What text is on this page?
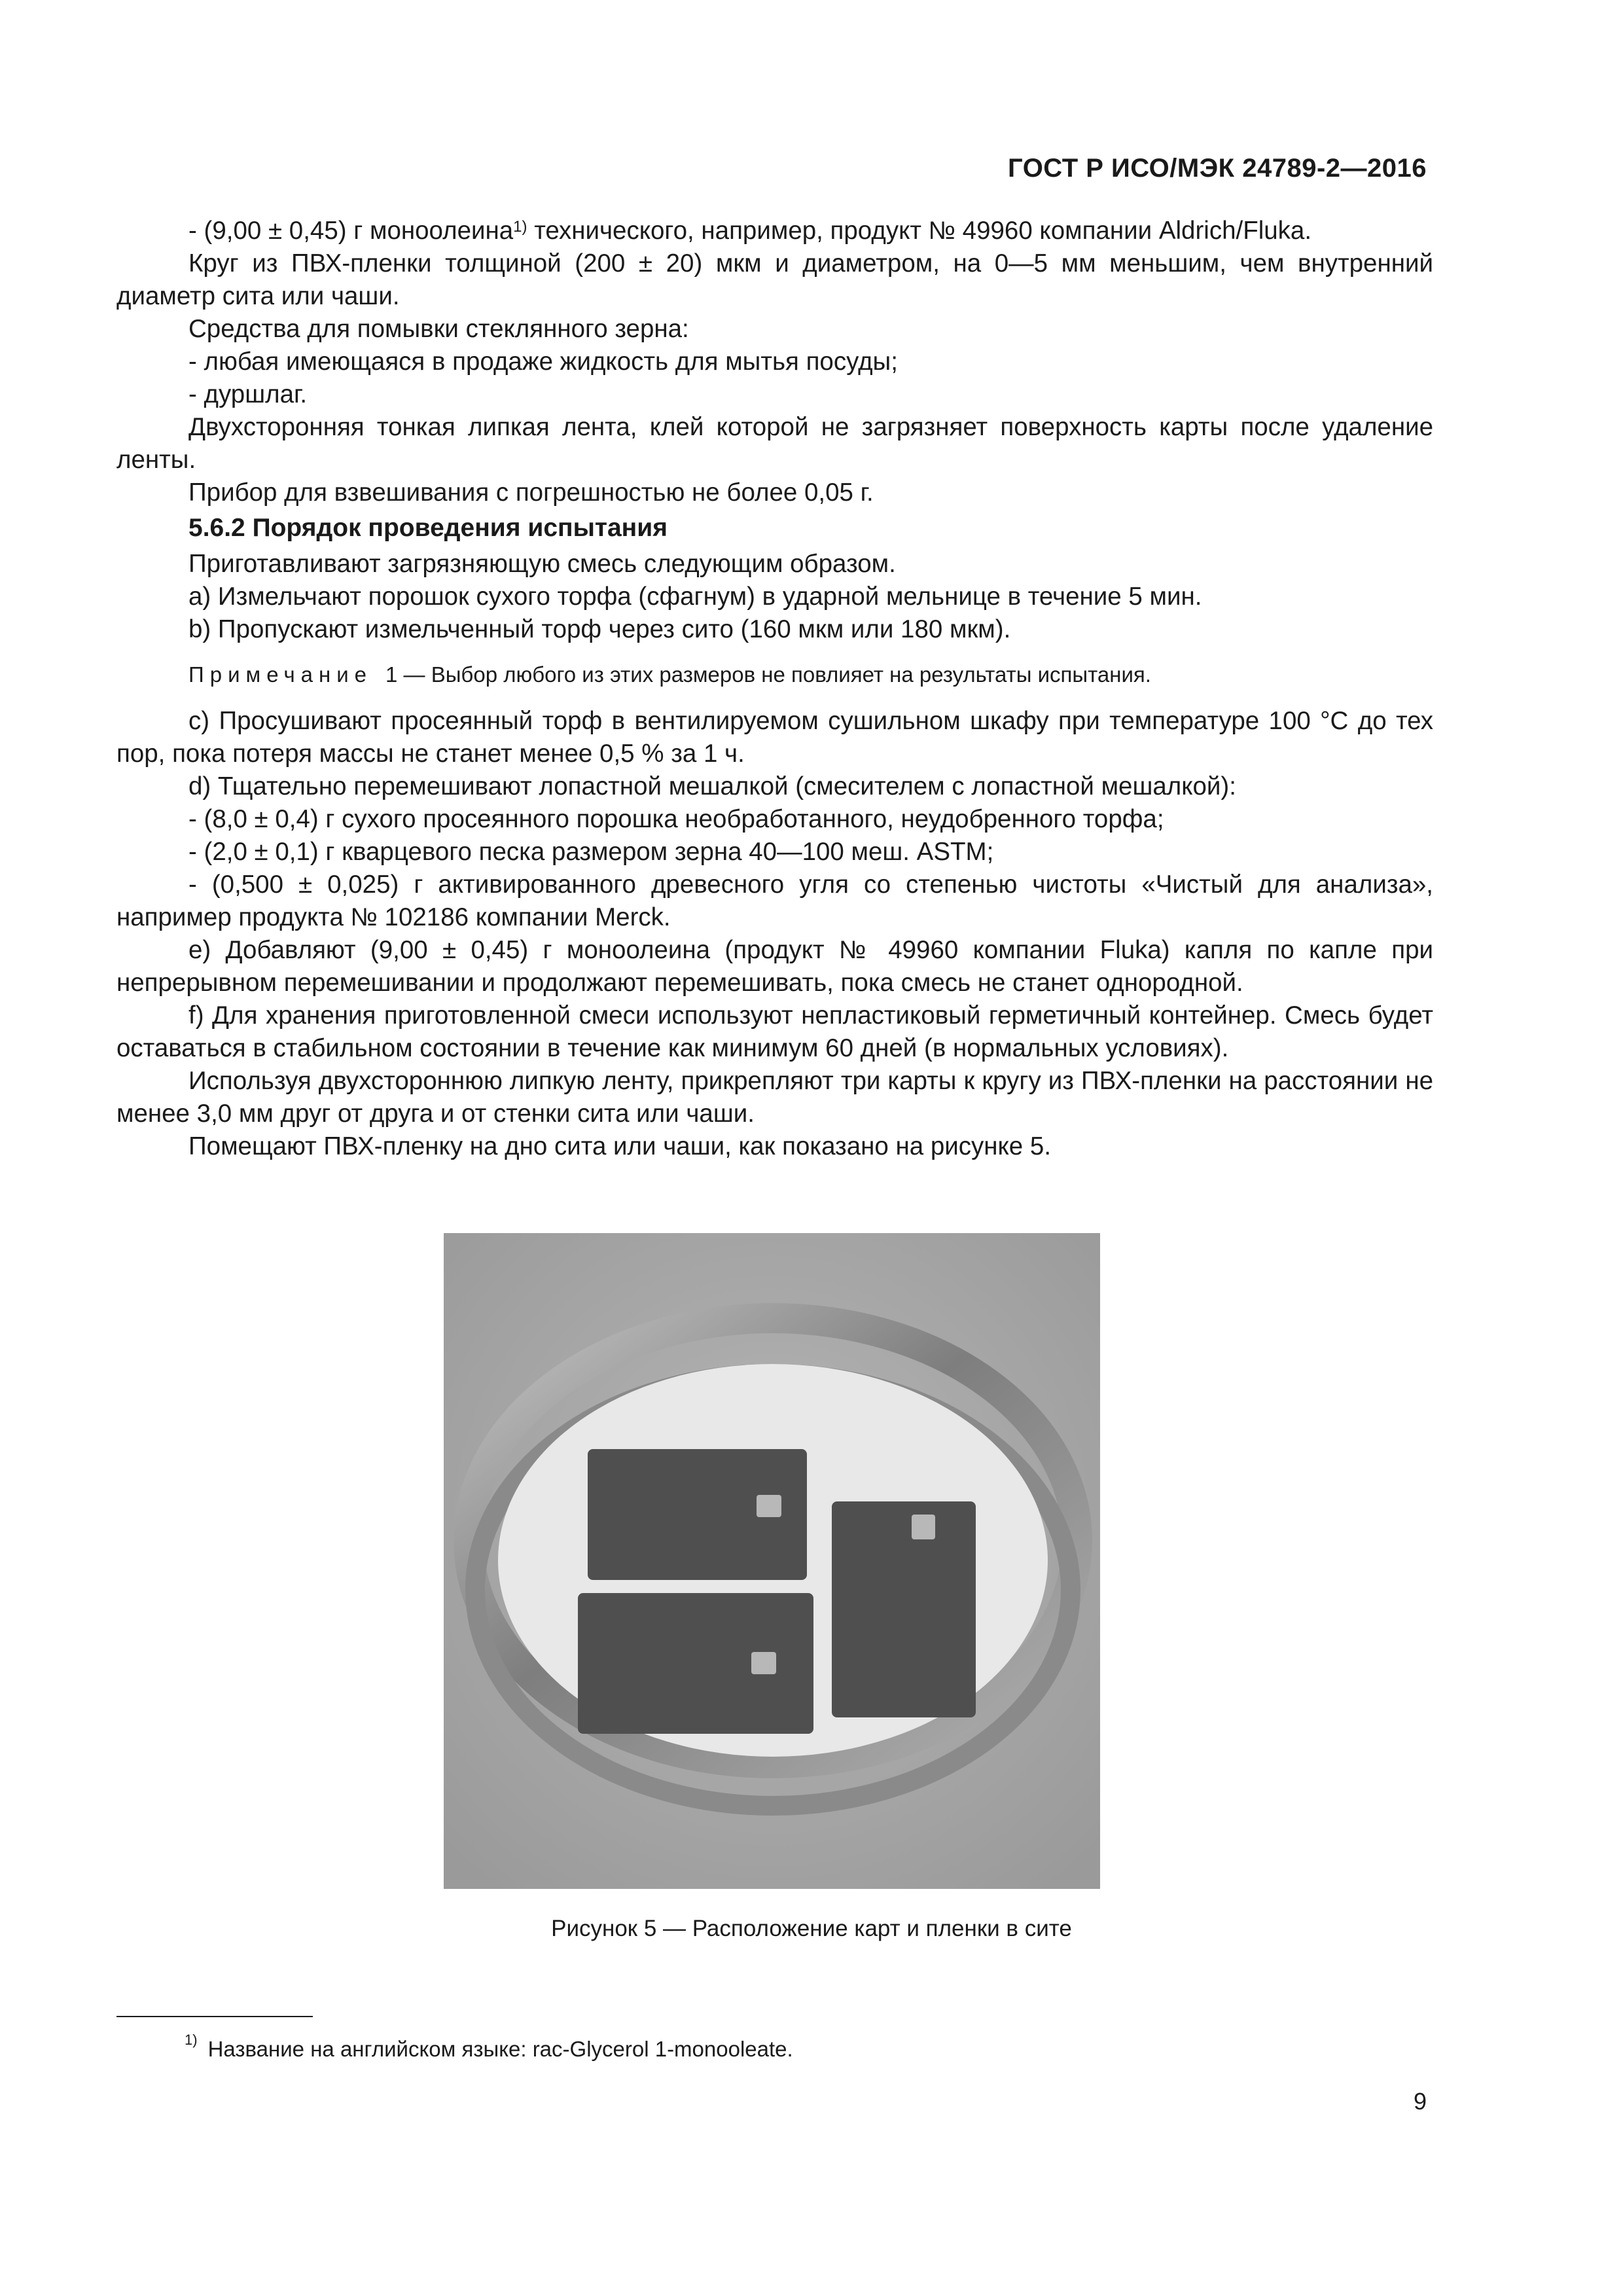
ГОСТ Р ИСО/МЭК 24789-2—2016

- (9,00 ± 0,45) г моноолеина$^{1)}$ технического, например, продукт № 49960 компании Aldrich/Fluka.

Круг из ПВХ-пленки толщиной (200 ± 20) мкм и диаметром, на 0—5 мм меньшим, чем внутренний диаметр сита или чаши.

Средства для помывки стеклянного зерна:

- любая имеющаяся в продаже жидкость для мытья посуды;

- дуршлаг.

Двухсторонняя тонкая липкая лента, клей которой не загрязняет поверхность карты после удаление ленты.

Прибор для взвешивания с погрешностью не более 0,05 г.

5.6.2 Порядок проведения испытания

Приготавливают загрязняющую смесь следующим образом.

a) Измельчают порошок сухого торфа (сфагнум) в ударной мельнице в течение 5 мин.

b) Пропускают измельченный торф через сито (160 мкм или 180 мкм).

Примечание 1 — Выбор любого из этих размеров не повлияет на результаты испытания.

c) Просушивают просеянный торф в вентилируемом сушильном шкафу при температуре 100 °С до тех пор, пока потеря массы не станет менее 0,5 % за 1 ч.

d) Тщательно перемешивают лопастной мешалкой (смесителем с лопастной мешалкой):

- (8,0 ± 0,4) г сухого просеянного порошка необработанного, неудобренного торфа;

- (2,0 ± 0,1) г кварцевого песка размером зерна 40—100 меш. ASTM;

- (0,500 ± 0,025) г активированного древесного угля со степенью чистоты «Чистый для анализа», например продукта № 102186 компании Merck.

e) Добавляют (9,00 ± 0,45) г моноолеина (продукт № 49960 компании Fluka) капля по капле при непрерывном перемешивании и продолжают перемешивать, пока смесь не станет однородной.

f) Для хранения приготовленной смеси используют непластиковый герметичный контейнер. Смесь будет оставаться в стабильном состоянии в течение как минимум 60 дней (в нормальных условиях).

Используя двухстороннюю липкую ленту, прикрепляют три карты к кругу из ПВХ-пленки на расстоянии не менее 3,0 мм друг от друга и от стенки сита или чаши.

Помещают ПВХ-пленку на дно сита или чаши, как показано на рисунке 5.

Рисунок 5 — Расположение карт и пленки в сите
$^{1)}$ Название на английском языке: rac-Glycerol 1-monooleate.
9
